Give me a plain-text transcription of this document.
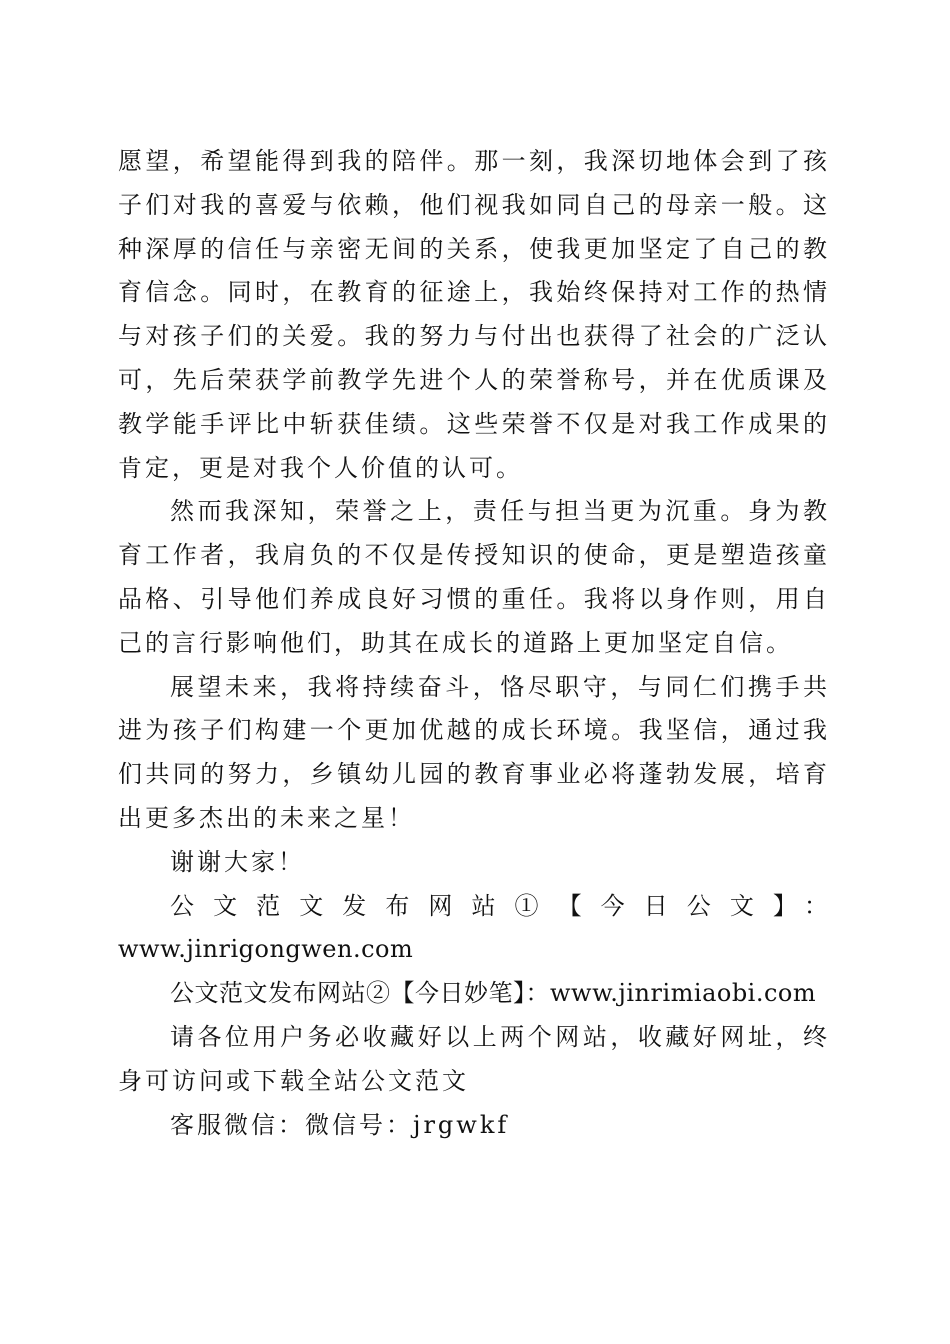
愿望，希望能得到我的陪伴。那一刻，我深切地体会到了孩子们对我的喜爱与依赖，他们视我如同自己的母亲一般。这种深厚的信任与亲密无间的关系，使我更加坚定了自己的教育信念。同时，在教育的征途上，我始终保持对工作的热情与对孩子们的关爱。我的努力与付出也获得了社会的广泛认可，先后荣获学前教学先进个人的荣誉称号，并在优质课及教学能手评比中斩获佳绩。这些荣誉不仅是对我工作成果的肯定，更是对我个人价值的认可。

然而我深知，荣誉之上，责任与担当更为沉重。身为教育工作者，我肩负的不仅是传授知识的使命，更是塑造孩童品格、引导他们养成良好习惯的重任。我将以身作则，用自己的言行影响他们，助其在成长的道路上更加坚定自信。

展望未来，我将持续奋斗，恪尽职守，与同仁们携手共进为孩子们构建一个更加优越的成长环境。我坚信，通过我们共同的努力，乡镇幼儿园的教育事业必将蓬勃发展，培育出更多杰出的未来之星！

谢谢大家！

公文范文发布网站①【今日公文】：

www.jinrigongwen.com

公文范文发布网站②【今日妙笔】：www.jinrimiaobi.com

请各位用户务必收藏好以上两个网站，收藏好网址，终身可访问或下载全站公文范文

客服微信：微信号：jrgwkf
